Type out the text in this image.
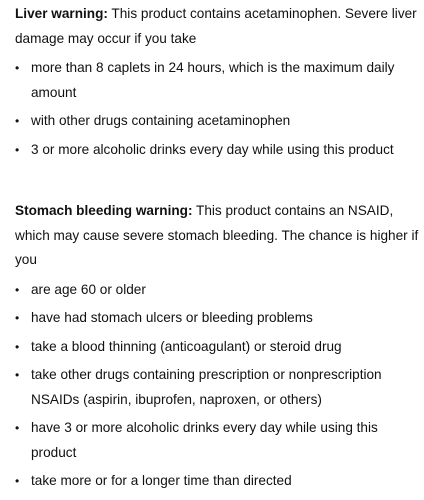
Liver warning: This product contains acetaminophen. Severe liver damage may occur if you take

• more than 8 caplets in 24 hours, which is the maximum daily amount
• with other drugs containing acetaminophen
• 3 or more alcoholic drinks every day while using this product

Stomach bleeding warning: This product contains an NSAID, which may cause severe stomach bleeding. The chance is higher if you

• are age 60 or older
• have had stomach ulcers or bleeding problems
• take a blood thinning (anticoagulant) or steroid drug
• take other drugs containing prescription or nonprescription NSAIDs (aspirin, ibuprofen, naproxen, or others)
• have 3 or more alcoholic drinks every day while using this product
• take more or for a longer time than directed
